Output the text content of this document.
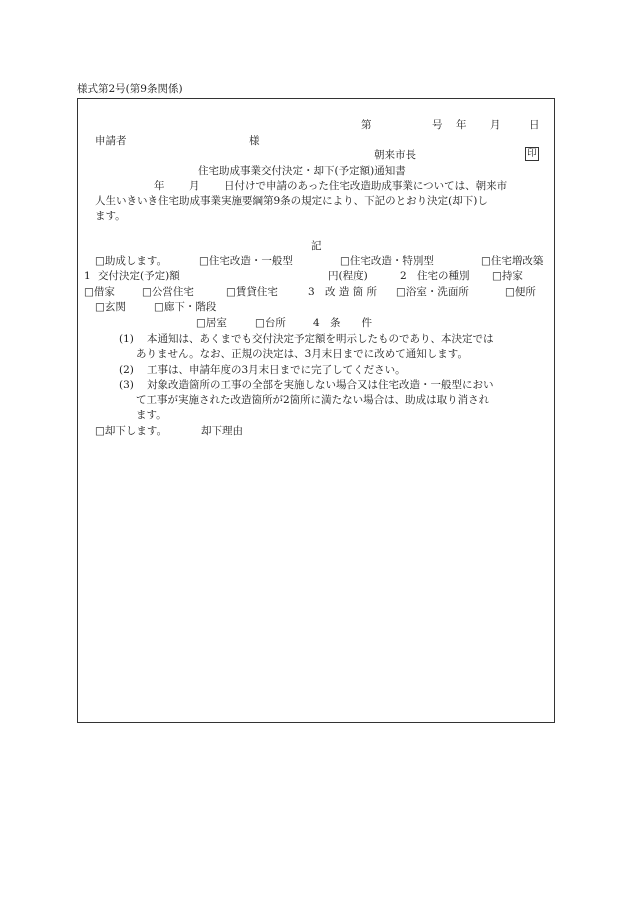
様式第2号(第9条関係)
第	号 年 月	日
申請者	様
朝来市長	印
住宅助成事業交付決定・却下(予定額)通知書
年 月 日付けで申請のあった住宅改造助成事業については、朝来市
人生いきいき住宅助成事業実施要綱第9条の規定により、下記のとおり決定(却下)し
ます。
記
□助成します。	□住宅改造・一般型	□住宅改造・特別型	□住宅増改築
1 交付決定(予定)額	円(程度)	2 住宅の種別 □持家
□借家	□公営住宅	□賃貸住宅	3 改 造 箇 所 □浴室・洗面所	□便所
□玄関	□廊下・階段
□居室	□台所	4 条　　件
(1) 本通知は、あくまでも交付決定予定額を明示したものであり、本決定では
ありません。なお、正規の決定は、3月末日までに改めて通知します。
(2) 工事は、申請年度の3月末日までに完了してください。
(3) 対象改造箇所の工事の全部を実施しない場合又は住宅改造・一般型におい
て工事が実施された改造箇所が2箇所に満たない場合は、助成は取り消され
ます。
□却下します。	却下理由
